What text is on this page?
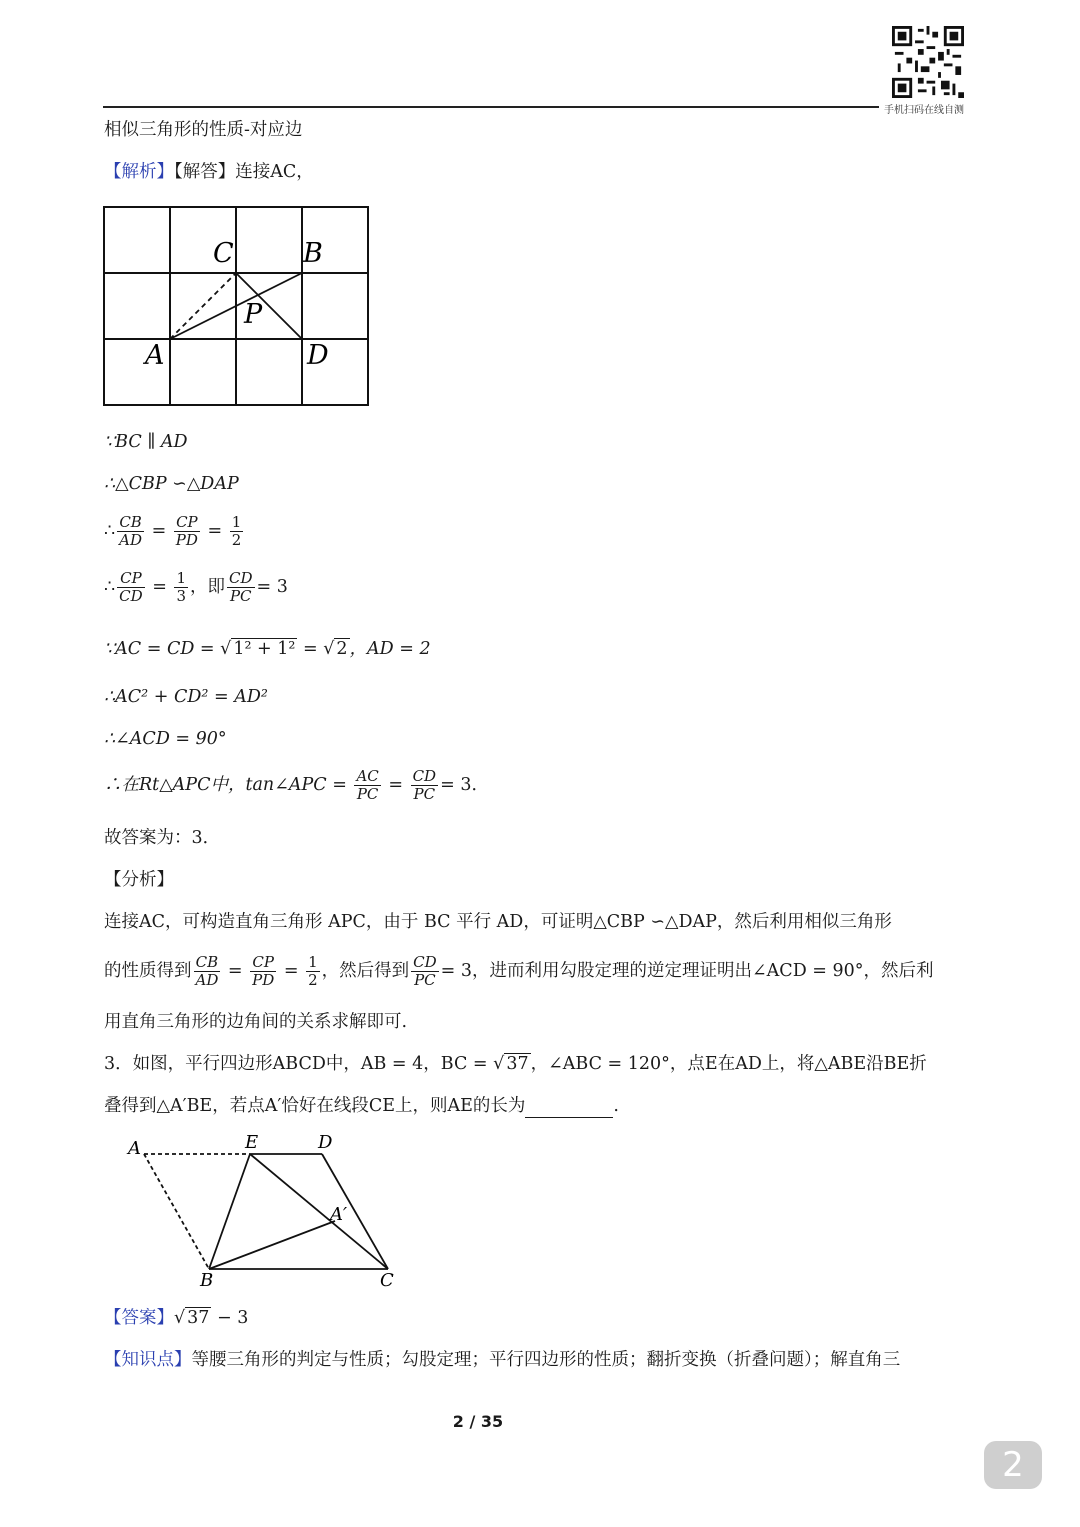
手机扫码在线自测
相似三角形的性质-对应边
【解析】【解答】连接AC，
C	B
P
A	D
∵BC ∥ AD
∴△CBP ∽△DAP
∴ $\frac{CB}{AD} = \frac{CP}{PD} = \frac{1}{2}$
∴ $\frac{CP}{CD} = \frac{1}{3}$ ，即 $\frac{CD}{PC} = 3$
∵AC = CD = √ 1² + 1² = √ 2 ，AD = 2
∴AC² + CD² = AD²
∴∠ACD = 90°
∴在Rt△APC中，tan∠APC = $\frac{AC}{PC} = \frac{CD}{PC} = 3$．
故答案为：3．
【分析】
连接AC，可构造直角三角形 APC，由于 BC 平行 AD，可证明△CBP ∽△DAP，然后利用相似三角形
的性质得到 $\frac{CB}{AD} = \frac{CP}{PD} = \frac{1}{2}$ ，然后得到 $\frac{CD}{PC} = 3$，进而利用勾股定理的逆定理证明出∠ACD = 90°，然后利
用直角三角形的边角间的关系求解即可.
3．如图，平行四边形ABCD中，AB = 4，BC = √ 37 ，∠ABC = 120°，点E在AD上，将△ABE沿BE折
叠得到△A′BE，若点A′恰好在线段CE上，则AE的长为	.
A	E	D
A′
B	C
【答案】√ 37 − 3
【知识点】等腰三角形的判定与性质；勾股定理；平行四边形的性质；翻折变换（折叠问题）；解直角三
2 / 35
2
